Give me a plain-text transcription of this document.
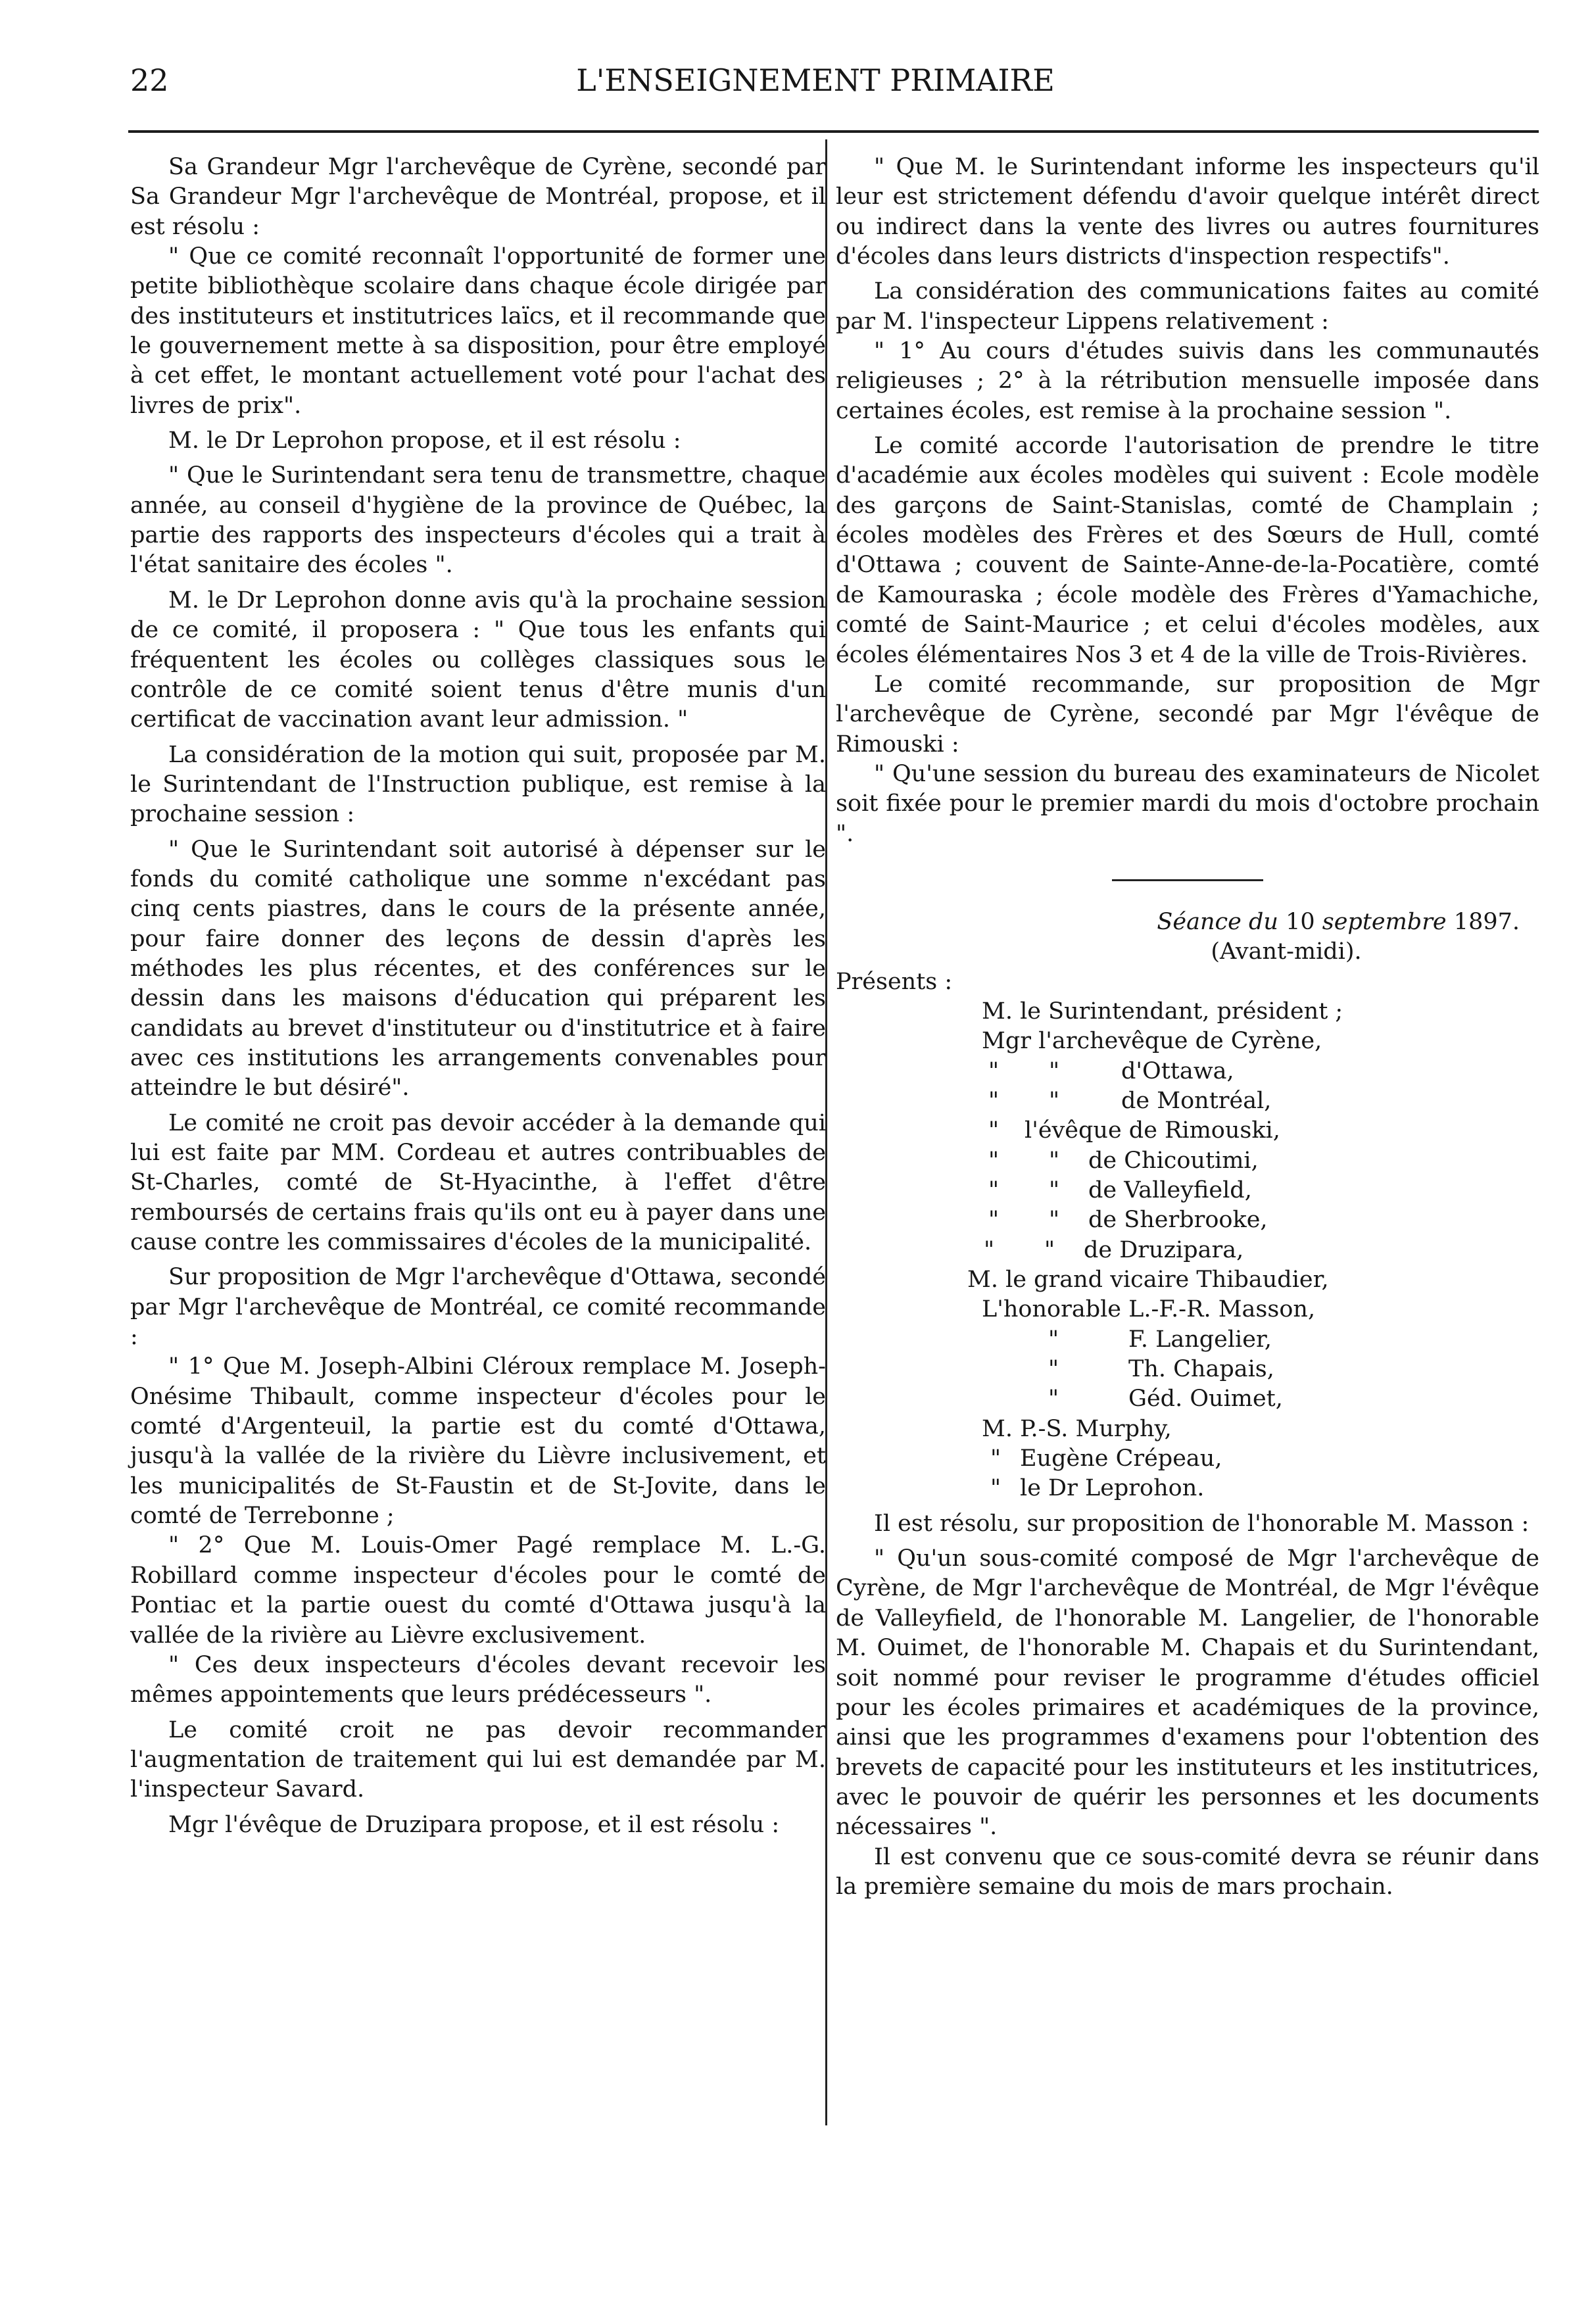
22	L'ENSEIGNEMENT PRIMAIRE

Sa Grandeur Mgr l'archevêque de Cyrène, secondé par Sa Grandeur Mgr l'archevêque de Montréal, propose, et il est résolu :

" Que ce comité reconnaît l'opportunité de former une petite bibliothèque scolaire dans chaque école dirigée par des instituteurs et institutrices laïcs, et il recommande que le gouvernement mette à sa disposition, pour être employé à cet effet, le montant actuellement voté pour l'achat des livres de prix".

M. le Dr Leprohon propose, et il est résolu :

" Que le Surintendant sera tenu de transmettre, chaque année, au conseil d'hygiène de la province de Québec, la partie des rapports des inspecteurs d'écoles qui a trait à l'état sanitaire des écoles ".

M. le Dr Leprohon donne avis qu'à la prochaine session de ce comité, il proposera : " Que tous les enfants qui fréquentent les écoles ou collèges classiques sous le contrôle de ce comité soient tenus d'être munis d'un certificat de vaccination avant leur admission. "

La considération de la motion qui suit, proposée par M. le Surintendant de l'Instruction publique, est remise à la prochaine session :

" Que le Surintendant soit autorisé à dépenser sur le fonds du comité catholique une somme n'excédant pas cinq cents piastres, dans le cours de la présente année, pour faire donner des leçons de dessin d'après les méthodes les plus récentes, et des conférences sur le dessin dans les maisons d'éducation qui préparent les candidats au brevet d'instituteur ou d'institutrice et à faire avec ces institutions les arrangements convenables pour atteindre le but désiré".

Le comité ne croit pas devoir accéder à la demande qui lui est faite par MM. Cordeau et autres contribuables de St-Charles, comté de St-Hyacinthe, à l'effet d'être remboursés de certains frais qu'ils ont eu à payer dans une cause contre les commissaires d'écoles de la municipalité.

Sur proposition de Mgr l'archevêque d'Ottawa, secondé par Mgr l'archevêque de Montréal, ce comité recommande :

" 1° Que M. Joseph-Albini Cléroux remplace M. Joseph-Onésime Thibault, comme inspecteur d'écoles pour le comté d'Argenteuil, la partie est du comté d'Ottawa, jusqu'à la vallée de la rivière du Lièvre inclusivement, et les municipalités de St-Faustin et de St-Jovite, dans le comté de Terrebonne ;

" 2° Que M. Louis-Omer Pagé remplace M. L.-G. Robillard comme inspecteur d'écoles pour le comté de Pontiac et la partie ouest du comté d'Ottawa jusqu'à la vallée de la rivière au Lièvre exclusivement.

" Ces deux inspecteurs d'écoles devant recevoir les mêmes appointements que leurs prédécesseurs ".

Le comité croit ne pas devoir recommander l'augmentation de traitement qui lui est demandée par M. l'inspecteur Savard.

Mgr l'évêque de Druzipara propose, et il est résolu :

" Que M. le Surintendant informe les inspecteurs qu'il leur est strictement défendu d'avoir quelque intérêt direct ou indirect dans la vente des livres ou autres fournitures d'écoles dans leurs districts d'inspection respectifs".

La considération des communications faites au comité par M. l'inspecteur Lippens relativement :

" 1° Au cours d'études suivis dans les communautés religieuses ; 2° à la rétribution mensuelle imposée dans certaines écoles, est remise à la prochaine session ".

Le comité accorde l'autorisation de prendre le titre d'académie aux écoles modèles qui suivent : Ecole modèle des garçons de Saint-Stanislas, comté de Champlain ; écoles modèles des Frères et des Sœurs de Hull, comté d'Ottawa ; couvent de Sainte-Anne-de-la-Pocatière, comté de Kamouraska ; école modèle des Frères d'Yamachiche, comté de Saint-Maurice ; et celui d'écoles modèles, aux écoles élémentaires Nos 3 et 4 de la ville de Trois-Rivières.

Le comité recommande, sur proposition de Mgr l'archevêque de Cyrène, secondé par Mgr l'évêque de Rimouski :

" Qu'une session du bureau des examinateurs de Nicolet soit fixée pour le premier mardi du mois d'octobre prochain ".

Séance du 10 septembre 1897.
(Avant-midi).
Présents :
M. le Surintendant, président ;
Mgr l'archevêque de Cyrène,
"	"	d'Ottawa,
"	"	de Montréal,
"	l'évêque de Rimouski,
"	"	de Chicoutimi,
"	"	de Valleyfield,
"	"	de Sherbrooke,
"	"	de Druzipara,
M. le grand vicaire Thibaudier,
L'honorable L.-F.-R. Masson,
"	F. Langelier,
"	Th. Chapais,
"	Géd. Ouimet,
M. P.-S. Murphy,
" Eugène Crépeau,
" le Dr Leprohon.

Il est résolu, sur proposition de l'honorable M. Masson :

" Qu'un sous-comité composé de Mgr l'archevêque de Cyrène, de Mgr l'archevêque de Montréal, de Mgr l'évêque de Valleyfield, de l'honorable M. Langelier, de l'honorable M. Ouimet, de l'honorable M. Chapais et du Surintendant, soit nommé pour reviser le programme d'études officiel pour les écoles primaires et académiques de la province, ainsi que les programmes d'examens pour l'obtention des brevets de capacité pour les instituteurs et les institutrices, avec le pouvoir de quérir les personnes et les documents nécessaires ".

Il est convenu que ce sous-comité devra se réunir dans la première semaine du mois de mars prochain.
